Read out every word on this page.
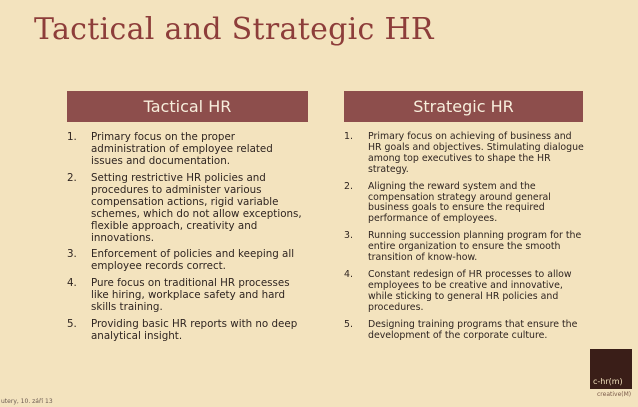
Tactical and Strategic HR
Tactical HR	Strategic HR
1. Primary focus on the proper administration of employee related issues and documentation.
2. Setting restrictive HR policies and procedures to administer various compensation actions, rigid variable schemes, which do not allow exceptions, flexible approach, creativity and innovations.
3. Enforcement of policies and keeping all employee records correct.
4. Pure focus on traditional HR processes like hiring, workplace safety and hard skills training.
5. Providing basic HR reports with no deep analytical insight.
1. Primary focus on achieving of business and HR goals and objectives. Stimulating dialogue among top executives to shape the HR strategy.
2. Aligning the reward system and the compensation strategy around general business goals to ensure the required performance of employees.
3. Running succession planning program for the entire organization to ensure the smooth transition of know-how.
4. Constant redesign of HR processes to allow employees to be creative and innovative, while sticking to general HR policies and procedures.
5. Designing training programs that ensure the development of the corporate culture.
c-hr(m)
creative(M)
utery, 10. září 13
